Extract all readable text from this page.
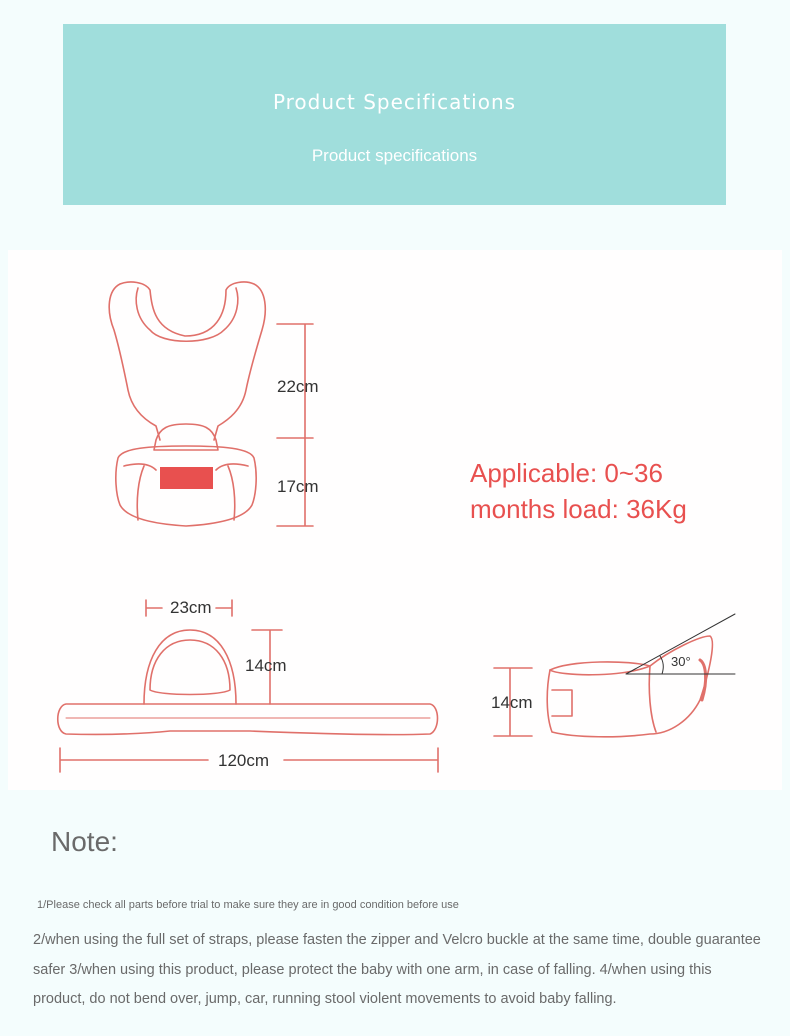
Product Specifications
Product specifications
22cm
17cm
23cm
14cm
120cm
14cm
30°
Applicable: 0~36
months load: 36Kg
Note:
1/Please check all parts before trial to make sure they are in good condition before use
2/when using the full set of straps, please fasten the zipper and Velcro buckle at the same time, double guarantee safer 3/when using this product, please protect the baby with one arm, in case of falling. 4/when using this product, do not bend over, jump, car, running stool violent movements to avoid baby falling.
